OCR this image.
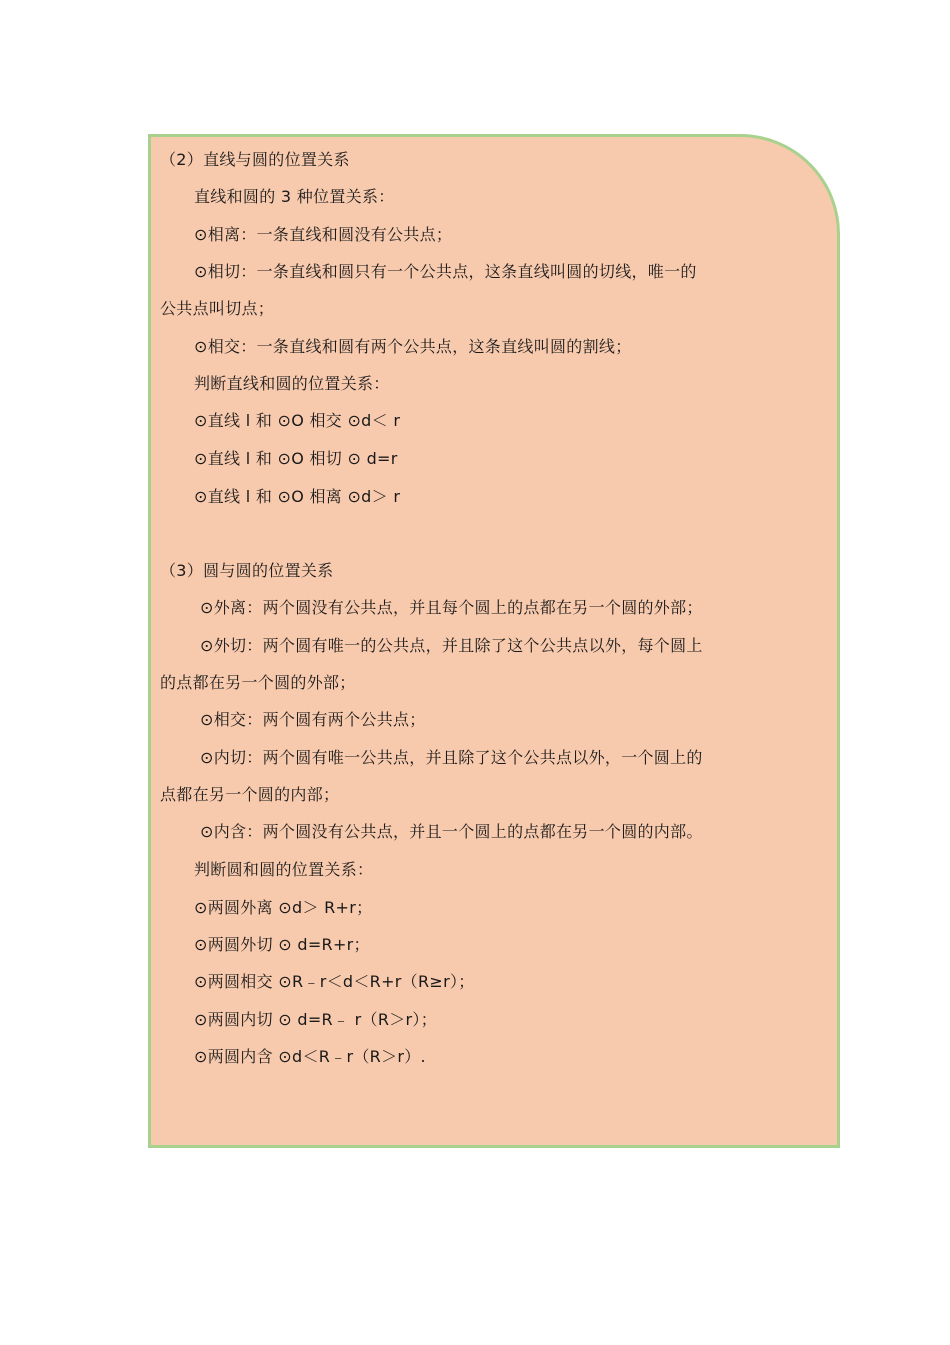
（2）直线与圆的位置关系
直线和圆的 3 种位置关系：
⊙相离：一条直线和圆没有公共点；
⊙相切：一条直线和圆只有一个公共点，这条直线叫圆的切线，唯一的
公共点叫切点；
⊙相交：一条直线和圆有两个公共点，这条直线叫圆的割线；
判断直线和圆的位置关系：
⊙直线 l 和 ⊙O 相交 ⊙d＜ r
⊙直线 l 和 ⊙O 相切 ⊙ d=r
⊙直线 l 和 ⊙O 相离 ⊙d＞ r
（3）圆与圆的位置关系
⊙外离：两个圆没有公共点，并且每个圆上的点都在另一个圆的外部；
⊙外切：两个圆有唯一的公共点，并且除了这个公共点以外，每个圆上
的点都在另一个圆的外部；
⊙相交：两个圆有两个公共点；
⊙内切：两个圆有唯一公共点，并且除了这个公共点以外，一个圆上的
点都在另一个圆的内部；
⊙内含：两个圆没有公共点，并且一个圆上的点都在另一个圆的内部。
判断圆和圆的位置关系：
⊙两圆外离 ⊙d＞ R+r；
⊙两圆外切 ⊙ d=R+r；
⊙两圆相交 ⊙R﹣r＜d＜R+r（R≥r）；
⊙两圆内切 ⊙ d=R﹣ r（R＞r）；
⊙两圆内含 ⊙d＜R﹣r（R＞r）.
